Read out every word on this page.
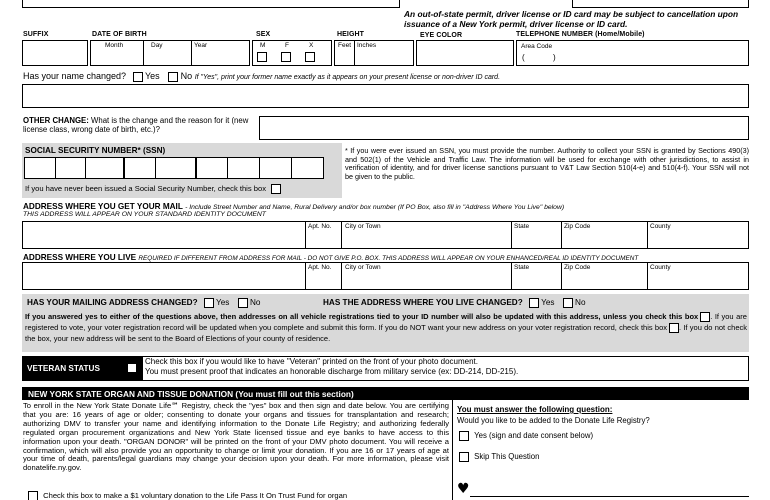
An out-of-state permit, driver license or ID card may be subject to cancellation upon issuance of a New York permit, driver license or ID card.
SUFFIX	DATE OF BIRTH	SEX	HEIGHT	EYE COLOR	TELEPHONE NUMBER (Home/Mobile)
Month	Day	Year	M	F	X	Feet Inches	Area Code
(	)
Has your name changed? Yes No If "Yes", print your former name exactly as it appears on your present license or non-driver ID card.
OTHER CHANGE: What is the change and the reason for it (new license class, wrong date of birth, etc.)?
SOCIAL SECURITY NUMBER* (SSN)
If you have never been issued a Social Security Number, check this box
* If you were ever issued an SSN, you must provide the number. Authority to collect your SSN is granted by Sections 490(3) and 502(1) of the Vehicle and Traffic Law. The information will be used for exchange with other jurisdictions, to assist in verification of identity, and for driver license sanctions pursuant to V&T Law Section 510(4-e) and 510(4-f). Your SSN will not be given to the public.
ADDRESS WHERE YOU GET YOUR MAIL - Include Street Number and Name, Rural Delivery and/or box number (If PO Box, also fill in "Address Where You Live" below)
THIS ADDRESS WILL APPEAR ON YOUR STANDARD IDENTITY DOCUMENT
Apt. No. City or Town	State	Zip Code	County
ADDRESS WHERE YOU LIVE REQUIRED IF DIFFERENT FROM ADDRESS FOR MAIL - DO NOT GIVE P.O. BOX. THIS ADDRESS WILL APPEAR ON YOUR ENHANCED/REAL ID IDENTITY DOCUMENT
Apt. No. City or Town	State	Zip Code	County
HAS YOUR MAILING ADDRESS CHANGED? Yes	No	HAS THE ADDRESS WHERE YOU LIVE CHANGED? Yes	No
If you answered yes to either of the questions above, then addresses on all vehicle registrations tied to your ID number will also be updated with this address, unless you check this box . If you are registered to vote, your voter registration record will be updated when you complete and submit this form. If you do NOT want your new address on your voter registration record, check this box . If you do not check the box, your new address will be sent to the Board of Elections of your county of residence.
VETERAN STATUS
Check this box if you would like to have "Veteran" printed on the front of your photo document.
You must present proof that indicates an honorable discharge from military service (ex: DD-214, DD-215).
NEW YORK STATE ORGAN AND TISSUE DONATION (You must fill out this section)
To enroll in the New York State Donate Life℠ Registry, check the "yes" box and then sign and date below. You are certifying that you are: 16 years of age or older; consenting to donate your organs and tissues for transplantation and research; authorizing DMV to transfer your name and identifying information to the Donate Life Registry; and authorizing federally regulated organ procurement organizations and New York State licensed tissue and eye banks to have access to this information upon your death. "ORGAN DONOR" will be printed on the front of your DMV photo document. You will receive a confirmation, which will also provide you an opportunity to change or limit your donation. If you are 16 or 17 years of age at your time of death, parents/legal guardians may change your decision upon your death. For more information, please visit donatelife.ny.gov.
You must answer the following question:
Would you like to be added to the Donate Life Registry?
Yes (sign and date consent below)
Skip This Question
Check this box to make a $1 voluntary donation to the Life Pass It On Trust Fund for organ	♥
